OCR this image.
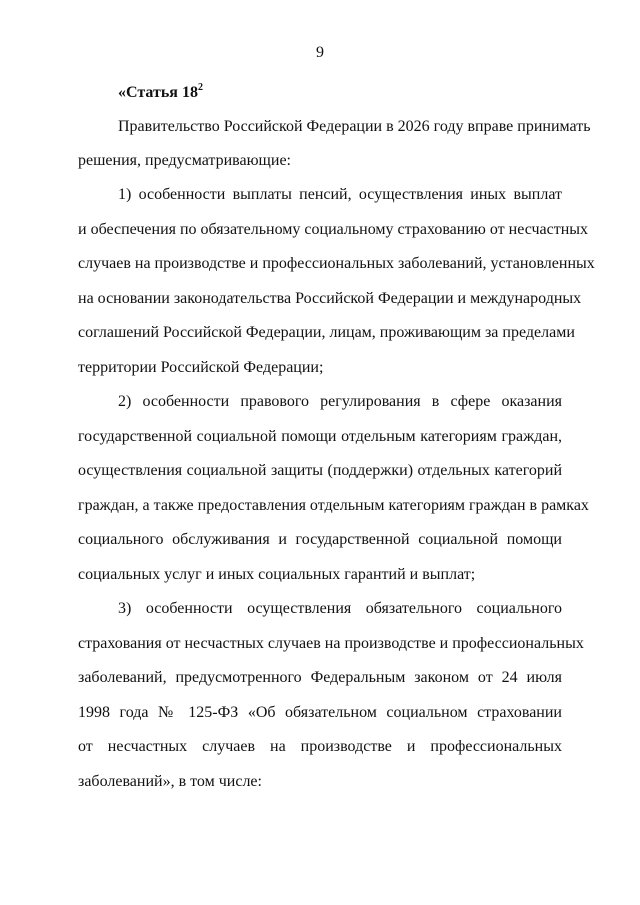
9
«Статья $18^2$
Правительство Российской Федерации в 2026 году вправе принимать
решения, предусматривающие:
1) особенности выплаты пенсий, осуществления иных выплат
и обеспечения по обязательному социальному страхованию от несчастных
случаев на производстве и профессиональных заболеваний, установленных
на основании законодательства Российской Федерации и международных
соглашений Российской Федерации, лицам, проживающим за пределами
территории Российской Федерации;
2) особенности правового регулирования в сфере оказания
государственной социальной помощи отдельным категориям граждан,
осуществления социальной защиты (поддержки) отдельных категорий
граждан, а также предоставления отдельным категориям граждан в рамках
социального обслуживания и государственной социальной помощи
социальных услуг и иных социальных гарантий и выплат;
3) особенности осуществления обязательного социального
страхования от несчастных случаев на производстве и профессиональных
заболеваний, предусмотренного Федеральным законом от 24 июля
1998 года № 125-ФЗ «Об обязательном социальном страховании
от несчастных случаев на производстве и профессиональных
заболеваний», в том числе:
